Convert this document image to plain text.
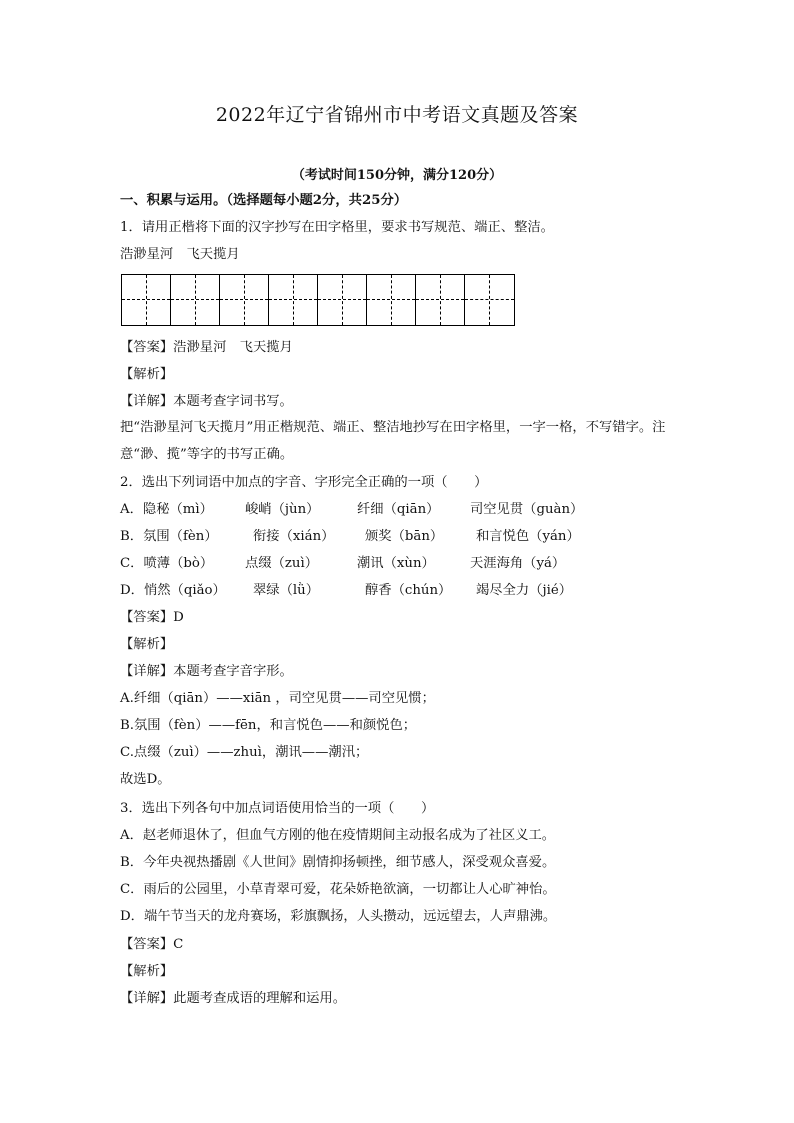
2022年辽宁省锦州市中考语文真题及答案
（考试时间150分钟，满分120分）
一、积累与运用。（选择题每小题2分，共25分）
1．请用正楷将下面的汉字抄写在田字格里，要求书写规范、端正、整洁。
浩渺星河　飞天揽月
【答案】浩渺星河　飞天揽月
【解析】
【详解】本题考查字词书写。
把“浩渺星河飞天揽月”用正楷规范、端正、整洁地抄写在田字格里，一字一格，不写错字。注意“渺、揽”等字的书写正确。
2．选出下列词语中加点的字音、字形完全正确的一项（　　）
A．隐秘（mì） 峻峭（jùn）	纤细（qiān） 司空见贯（guàn）
B．氛围（fèn）	衔接（xián） 颁奖（bān） 和言悦色（yán）
C．喷薄（bò） 点缀（zuì）	潮讯（xùn）	天涯海角（yá）
D．悄然（qiǎo） 翠绿（lǜ）	醇香（chún） 竭尽全力（jié）
【答案】D
【解析】
【详解】本题考查字音字形。
A.纤细（qiān）——xiān ，司空见贯——司空见惯；
B.氛围（fèn）——fēn，和言悦色——和颜悦色；
C.点缀（zuì）——zhuì，潮讯——潮汛；
故选D。
3．选出下列各句中加点词语使用恰当的一项（　　）
A．赵老师退休了，但血气方刚的他在疫情期间主动报名成为了社区义工。
B．今年央视热播剧《人世间》剧情抑扬顿挫，细节感人，深受观众喜爱。
C．雨后的公园里，小草青翠可爱，花朵娇艳欲滴，一切都让人心旷神怡。
D．端午节当天的龙舟赛场，彩旗飘扬，人头攒动，远远望去，人声鼎沸。
【答案】C
【解析】
【详解】此题考查成语的理解和运用。
